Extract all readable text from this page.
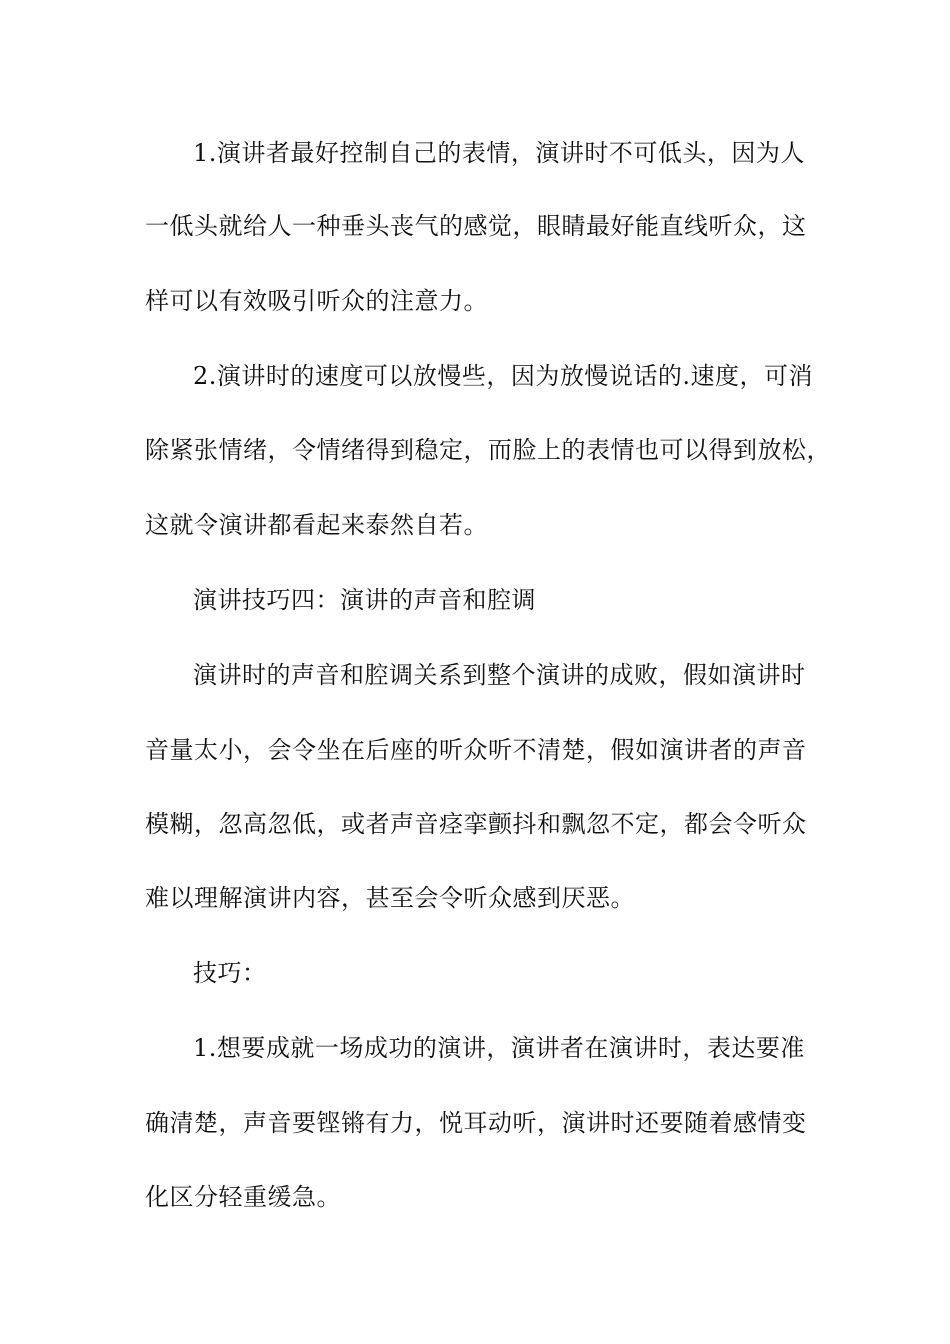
1.演讲者最好控制自己的表情，演讲时不可低头，因为人
一低头就给人一种垂头丧气的感觉，眼睛最好能直线听众，这
样可以有效吸引听众的注意力。
2.演讲时的速度可以放慢些，因为放慢说话的.速度，可消
除紧张情绪，令情绪得到稳定，而脸上的表情也可以得到放松，
这就令演讲都看起来泰然自若。
演讲技巧四：演讲的声音和腔调
演讲时的声音和腔调关系到整个演讲的成败，假如演讲时
音量太小，会令坐在后座的听众听不清楚，假如演讲者的声音
模糊，忽高忽低，或者声音痉挛颤抖和飘忽不定，都会令听众
难以理解演讲内容，甚至会令听众感到厌恶。
技巧：
1.想要成就一场成功的演讲，演讲者在演讲时，表达要准
确清楚，声音要铿锵有力，悦耳动听，演讲时还要随着感情变
化区分轻重缓急。
